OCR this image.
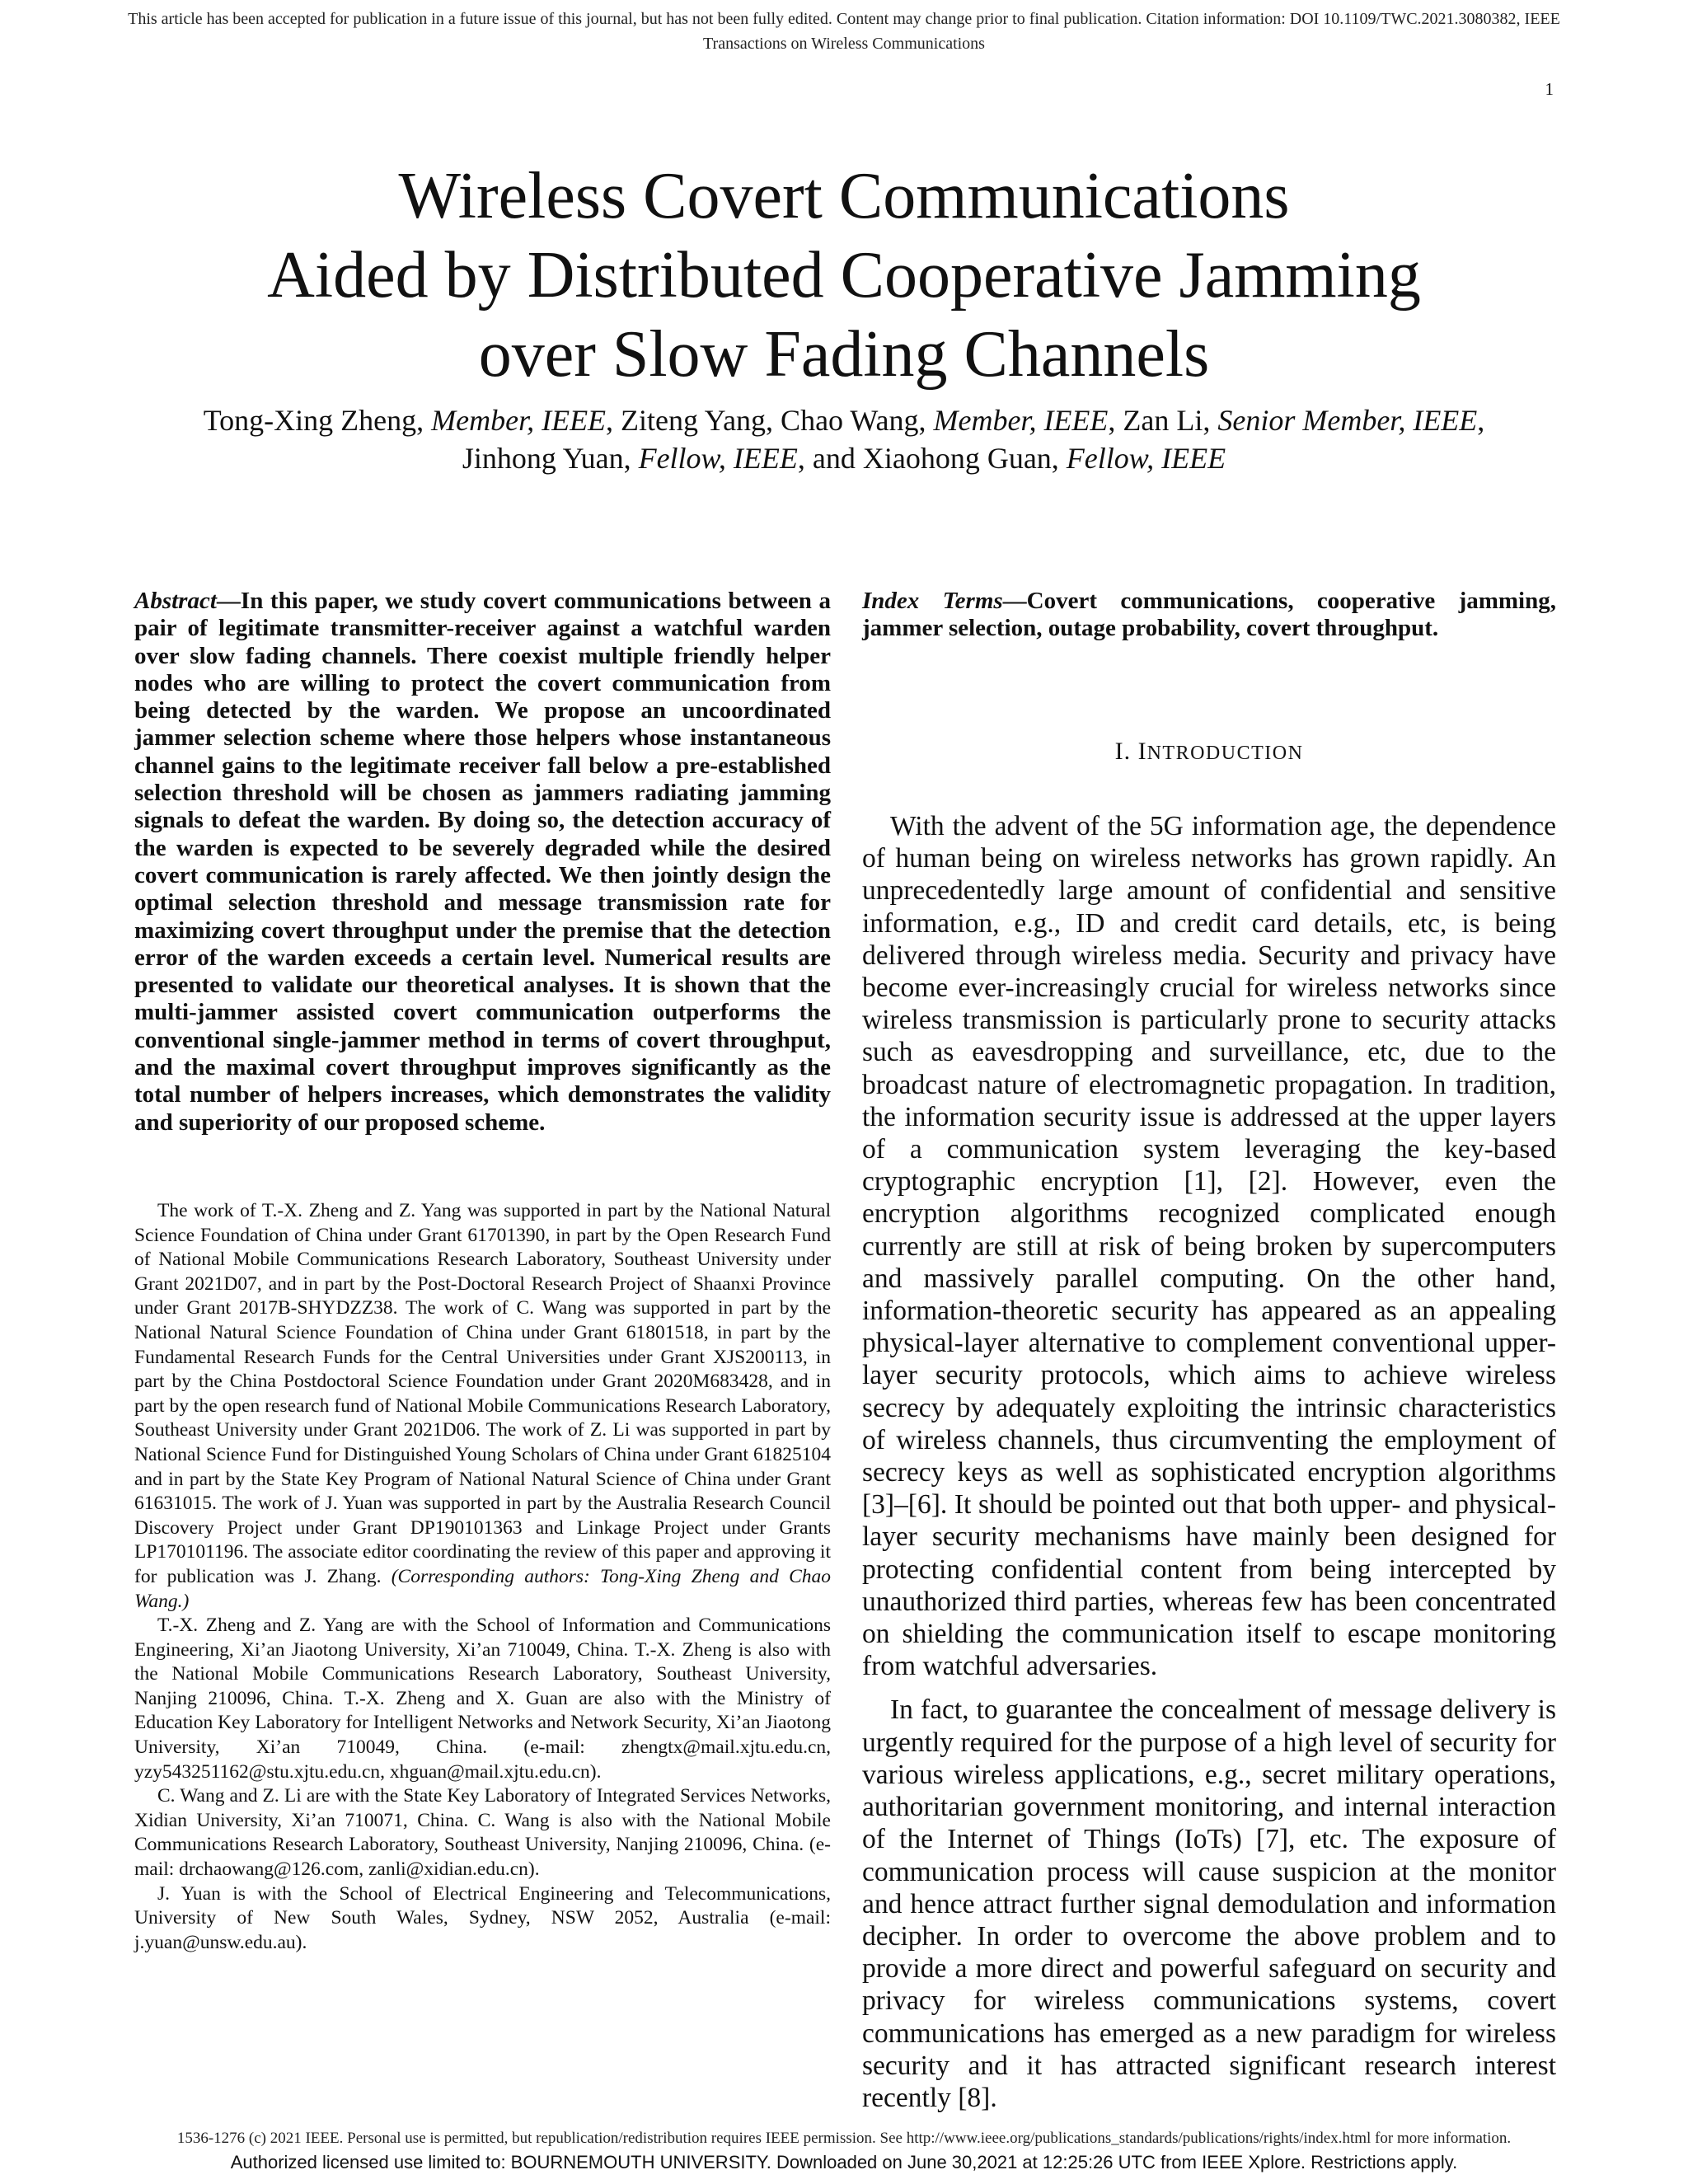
This article has been accepted for publication in a future issue of this journal, but has not been fully edited. Content may change prior to final publication. Citation information: DOI 10.1109/TWC.2021.3080382, IEEE
Transactions on Wireless Communications
1
Wireless Covert Communications
Aided by Distributed Cooperative Jamming
over Slow Fading Channels
Tong-Xing Zheng, Member, IEEE, Ziteng Yang, Chao Wang, Member, IEEE, Zan Li, Senior Member, IEEE,
Jinhong Yuan, Fellow, IEEE, and Xiaohong Guan, Fellow, IEEE
Abstract—In this paper, we study covert communications between a pair of legitimate transmitter-receiver against a watchful warden over slow fading channels. There coexist multiple friendly helper nodes who are willing to protect the covert communication from being detected by the warden. We propose an uncoordinated jammer selection scheme where those helpers whose instantaneous channel gains to the legitimate receiver fall below a pre-established selection threshold will be chosen as jammers radiating jamming signals to defeat the warden. By doing so, the detection accuracy of the warden is expected to be severely degraded while the desired covert communication is rarely affected. We then jointly design the optimal selection threshold and message transmission rate for maximizing covert throughput under the premise that the detection error of the warden exceeds a certain level. Numerical results are presented to validate our theoretical analyses. It is shown that the multi-jammer assisted covert communication outperforms the conventional single-jammer method in terms of covert throughput, and the maximal covert throughput improves significantly as the total number of helpers increases, which demonstrates the validity and superiority of our proposed scheme.

The work of T.-X. Zheng and Z. Yang was supported in part by the National Natural Science Foundation of China under Grant 61701390, in part by the Open Research Fund of National Mobile Communications Research Laboratory, Southeast University under Grant 2021D07, and in part by the Post-Doctoral Research Project of Shaanxi Province under Grant 2017B-SHYDZZ38. The work of C. Wang was supported in part by the National Natural Science Foundation of China under Grant 61801518, in part by the Fundamental Research Funds for the Central Universities under Grant XJS200113, in part by the China Postdoctoral Science Foundation under Grant 2020M683428, and in part by the open research fund of National Mobile Communications Research Laboratory, Southeast University under Grant 2021D06. The work of Z. Li was supported in part by National Science Fund for Distinguished Young Scholars of China under Grant 61825104 and in part by the State Key Program of National Natural Science of China under Grant 61631015. The work of J. Yuan was supported in part by the Australia Research Council Discovery Project under Grant DP190101363 and Linkage Project under Grants LP170101196. The associate editor coordinating the review of this paper and approving it for publication was J. Zhang. (Corresponding authors: Tong-Xing Zheng and Chao Wang.)

T.-X. Zheng and Z. Yang are with the School of Information and Communications Engineering, Xi’an Jiaotong University, Xi’an 710049, China. T.-X. Zheng is also with the National Mobile Communications Research Laboratory, Southeast University, Nanjing 210096, China. T.-X. Zheng and X. Guan are also with the Ministry of Education Key Laboratory for Intelligent Networks and Network Security, Xi’an Jiaotong University, Xi’an 710049, China. (e-mail: zhengtx@mail.xjtu.edu.cn, yzy543251162@stu.xjtu.edu.cn, xhguan@mail.xjtu.edu.cn).

C. Wang and Z. Li are with the State Key Laboratory of Integrated Services Networks, Xidian University, Xi’an 710071, China. C. Wang is also with the National Mobile Communications Research Laboratory, Southeast University, Nanjing 210096, China. (e-mail: drchaowang@126.com, zanli@xidian.edu.cn).

J. Yuan is with the School of Electrical Engineering and Telecommunications, University of New South Wales, Sydney, NSW 2052, Australia (e-mail: j.yuan@unsw.edu.au).

Index Terms—Covert communications, cooperative jamming, jammer selection, outage probability, covert throughput.
I. INTRODUCTION

With the advent of the 5G information age, the dependence of human being on wireless networks has grown rapidly. An unprecedentedly large amount of confidential and sensitive information, e.g., ID and credit card details, etc, is being delivered through wireless media. Security and privacy have become ever-increasingly crucial for wireless networks since wireless transmission is particularly prone to security attacks such as eavesdropping and surveillance, etc, due to the broadcast nature of electromagnetic propagation. In tradition, the information security issue is addressed at the upper layers of a communication system leveraging the key-based cryptographic encryption [1], [2]. However, even the encryption algorithms recognized complicated enough currently are still at risk of being broken by supercomputers and massively parallel computing. On the other hand, information-theoretic security has appeared as an appealing physical-layer alternative to complement conventional upper-layer security protocols, which aims to achieve wireless secrecy by adequately exploiting the intrinsic characteristics of wireless channels, thus circumventing the employment of secrecy keys as well as sophisticated encryption algorithms [3]–[6]. It should be pointed out that both upper- and physical-layer security mechanisms have mainly been designed for protecting confidential content from being intercepted by unauthorized third parties, whereas few has been concentrated on shielding the communication itself to escape monitoring from watchful adversaries.

In fact, to guarantee the concealment of message delivery is urgently required for the purpose of a high level of security for various wireless applications, e.g., secret military operations, authoritarian government monitoring, and internal interaction of the Internet of Things (IoTs) [7], etc. The exposure of communication process will cause suspicion at the monitor and hence attract further signal demodulation and information decipher. In order to overcome the above problem and to provide a more direct and powerful safeguard on security and privacy for wireless communications systems, covert communications has emerged as a new paradigm for wireless security and it has attracted significant research interest recently [8].

1536-1276 (c) 2021 IEEE. Personal use is permitted, but republication/redistribution requires IEEE permission. See http://www.ieee.org/publications_standards/publications/rights/index.html for more information.
Authorized licensed use limited to: BOURNEMOUTH UNIVERSITY. Downloaded on June 30,2021 at 12:25:26 UTC from IEEE Xplore. Restrictions apply.
